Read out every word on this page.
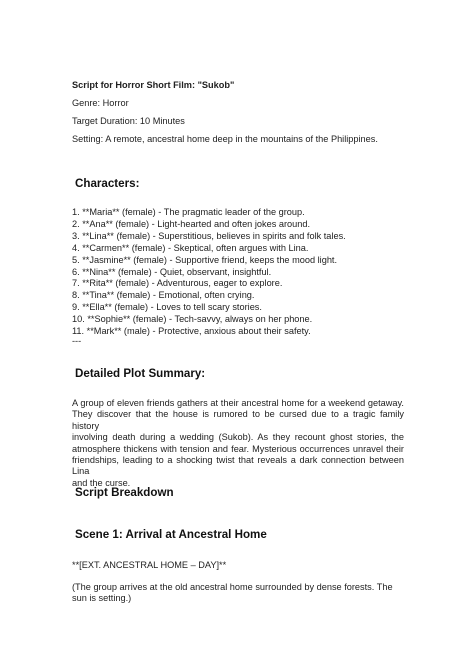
Script for Horror Short Film: "Sukob"
Genre: Horror
Target Duration: 10 Minutes
Setting: A remote, ancestral home deep in the mountains of the Philippines.
Characters:
1. **Maria** (female) - The pragmatic leader of the group.
2. **Ana** (female) - Light-hearted and often jokes around.
3. **Lina** (female) - Superstitious, believes in spirits and folk tales.
4. **Carmen** (female) - Skeptical, often argues with Lina.
5. **Jasmine** (female) - Supportive friend, keeps the mood light.
6. **Nina** (female) - Quiet, observant, insightful.
7. **Rita** (female) - Adventurous, eager to explore.
8. **Tina** (female) - Emotional, often crying.
9. **Ella** (female) - Loves to tell scary stories.
10. **Sophie** (female) - Tech-savvy, always on her phone.
11. **Mark** (male) - Protective, anxious about their safety.
---
Detailed Plot Summary:
A group of eleven friends gathers at their ancestral home for a weekend getaway.
They discover that the house is rumored to be cursed due to a tragic family history
involving death during a wedding (Sukob). As they recount ghost stories, the
atmosphere thickens with tension and fear. Mysterious occurrences unravel their
friendships, leading to a shocking twist that reveals a dark connection between Lina
and the curse.
Script Breakdown
Scene 1: Arrival at Ancestral Home
**[EXT. ANCESTRAL HOME – DAY]**
(The group arrives at the old ancestral home surrounded by dense forests. The
sun is setting.)
